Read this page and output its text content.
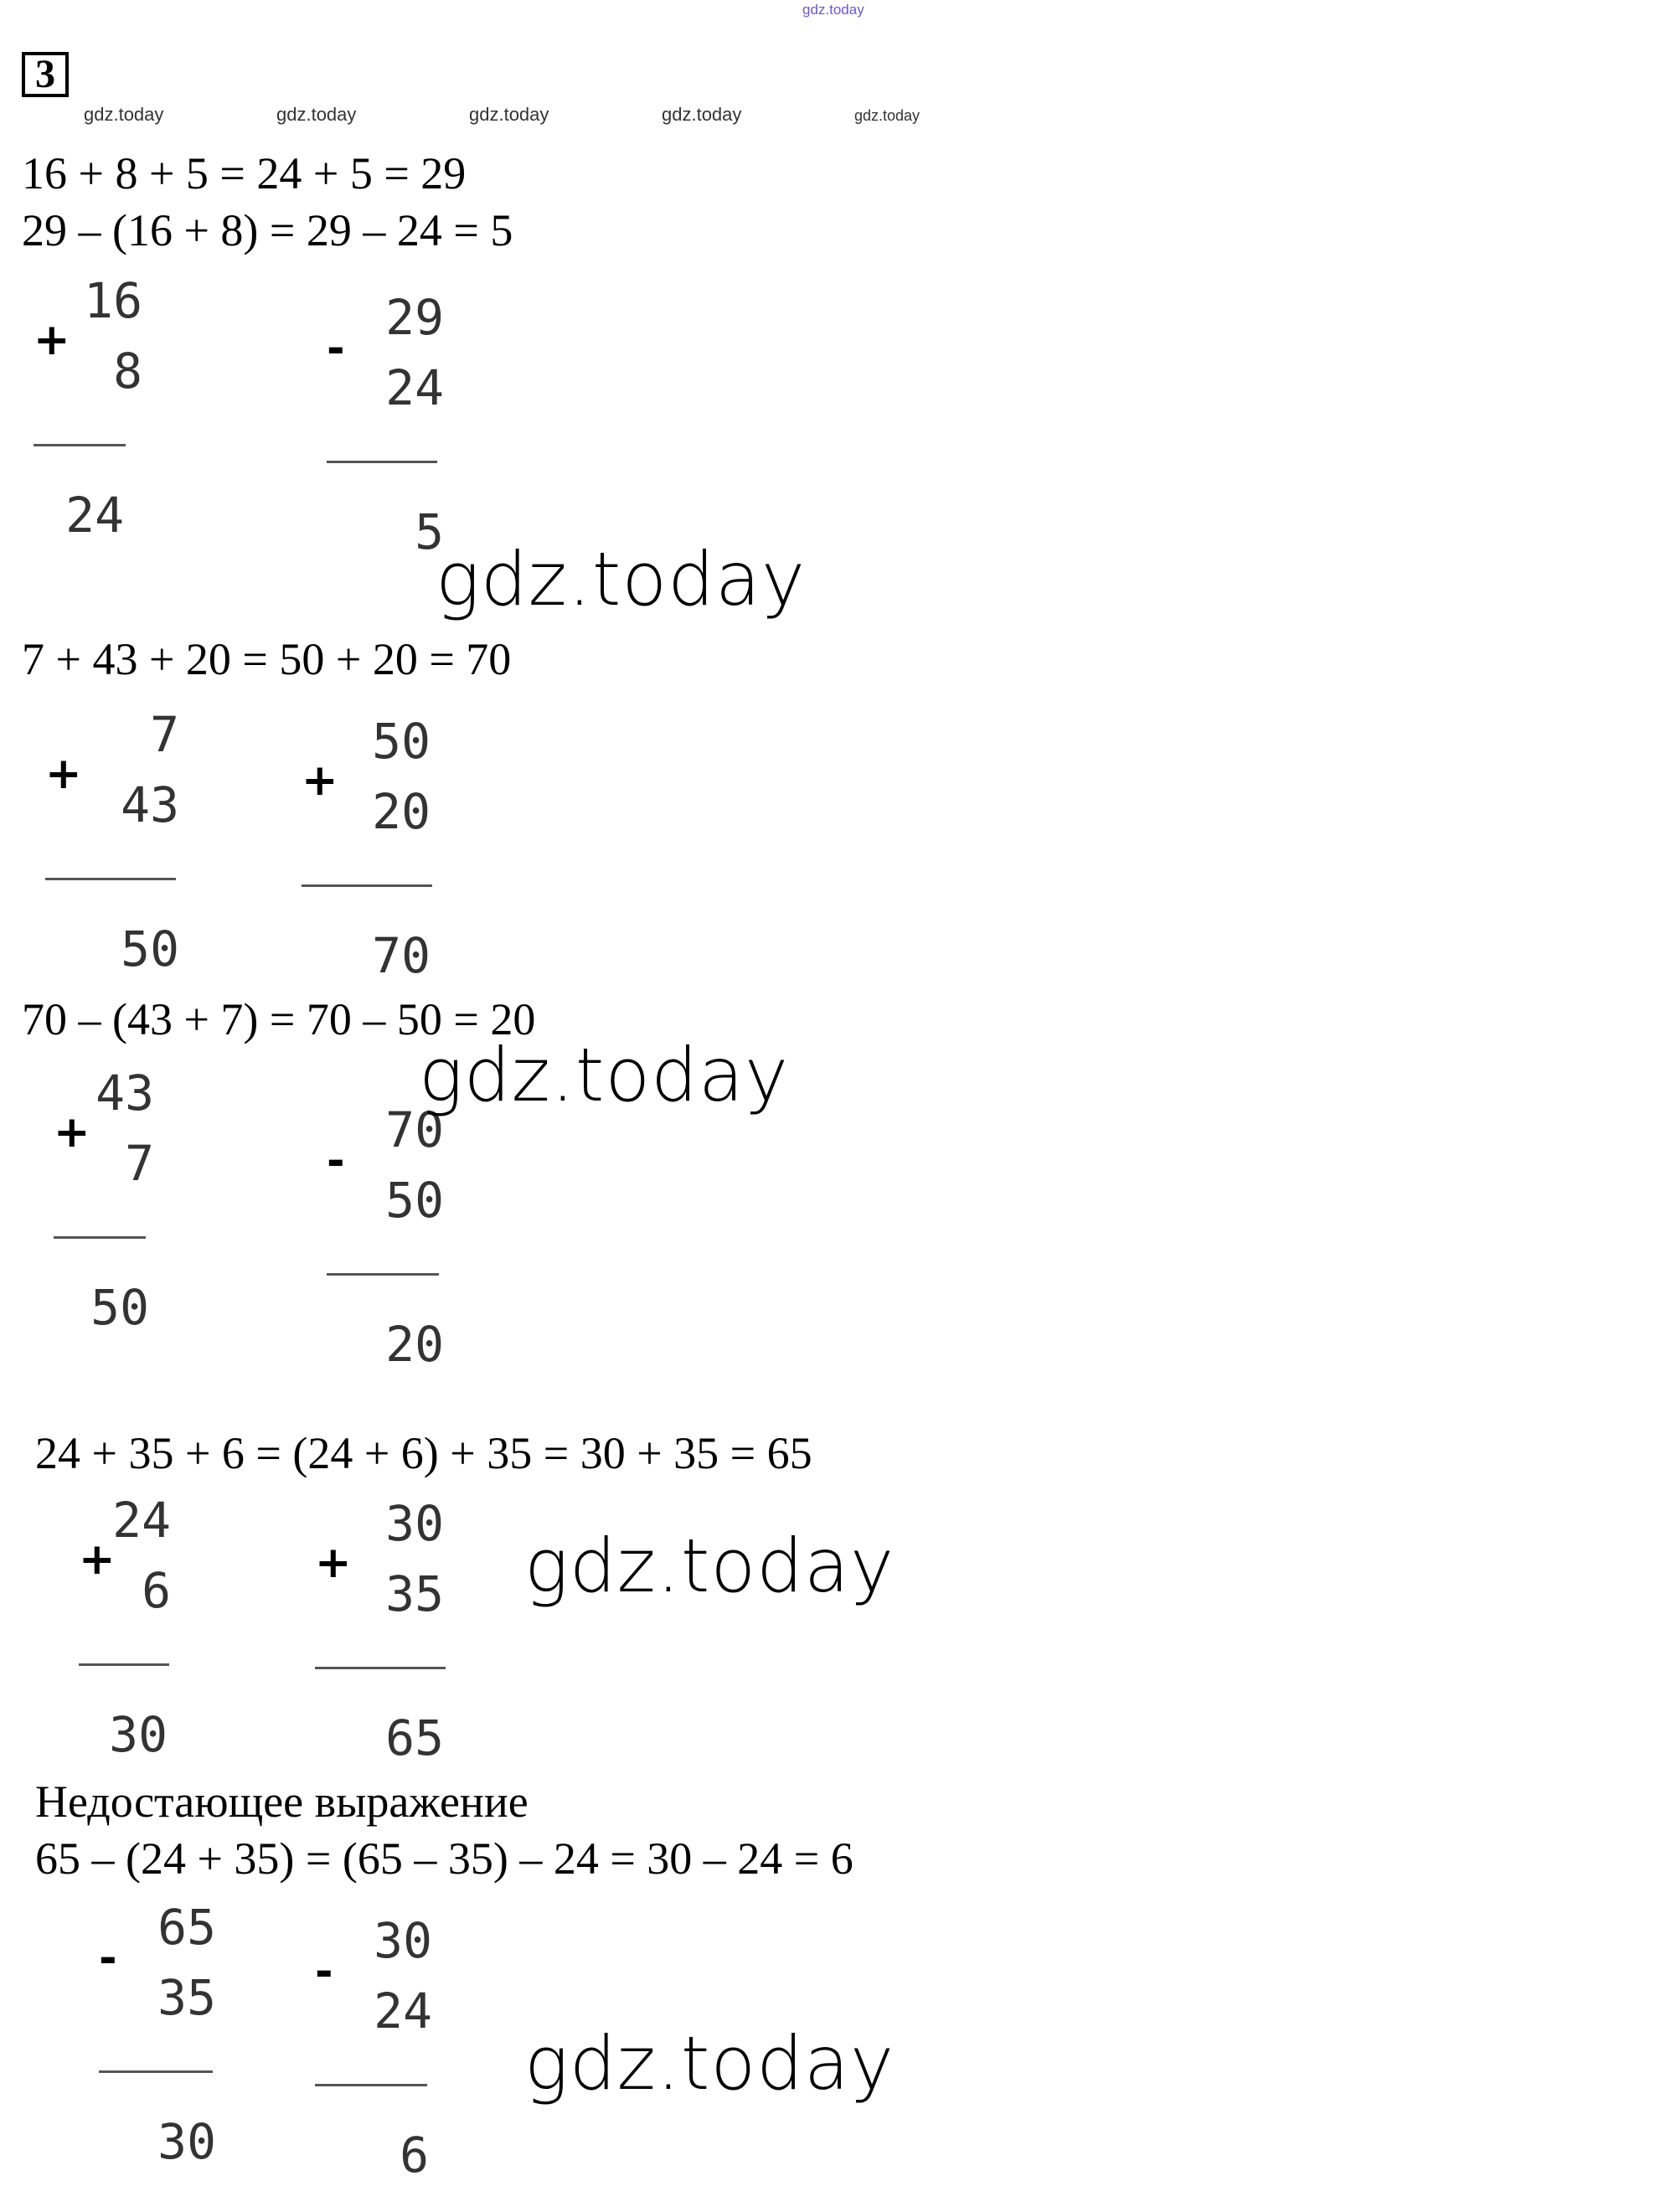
gdz.today
gdz.today	gdz.today	gdz.today	gdz.today	gdz.today
3
16 + 8 + 5 = 24 + 5 = 29
29 – (16 + 8) = 29 – 24 = 5
7 + 43 + 20 = 50 + 20 = 70
70 – (43 + 7) = 70 – 50 = 20
24 + 35 + 6 = (24 + 6) + 35 = 30 + 35 = 65
Недостающее выражение
65 – (24 + 35) = (65 – 35) – 24 = 30 – 24 = 6

16

+

8

24

29

-

24

5

7

+

43

50

50

+

20

70

43

+

7

50

70

-

50

20

24

+

6

30

30

+

35

65

65

-

35

30

30

-

24

6

gdz.today
gdz.today
gdz.today
gdz.today
